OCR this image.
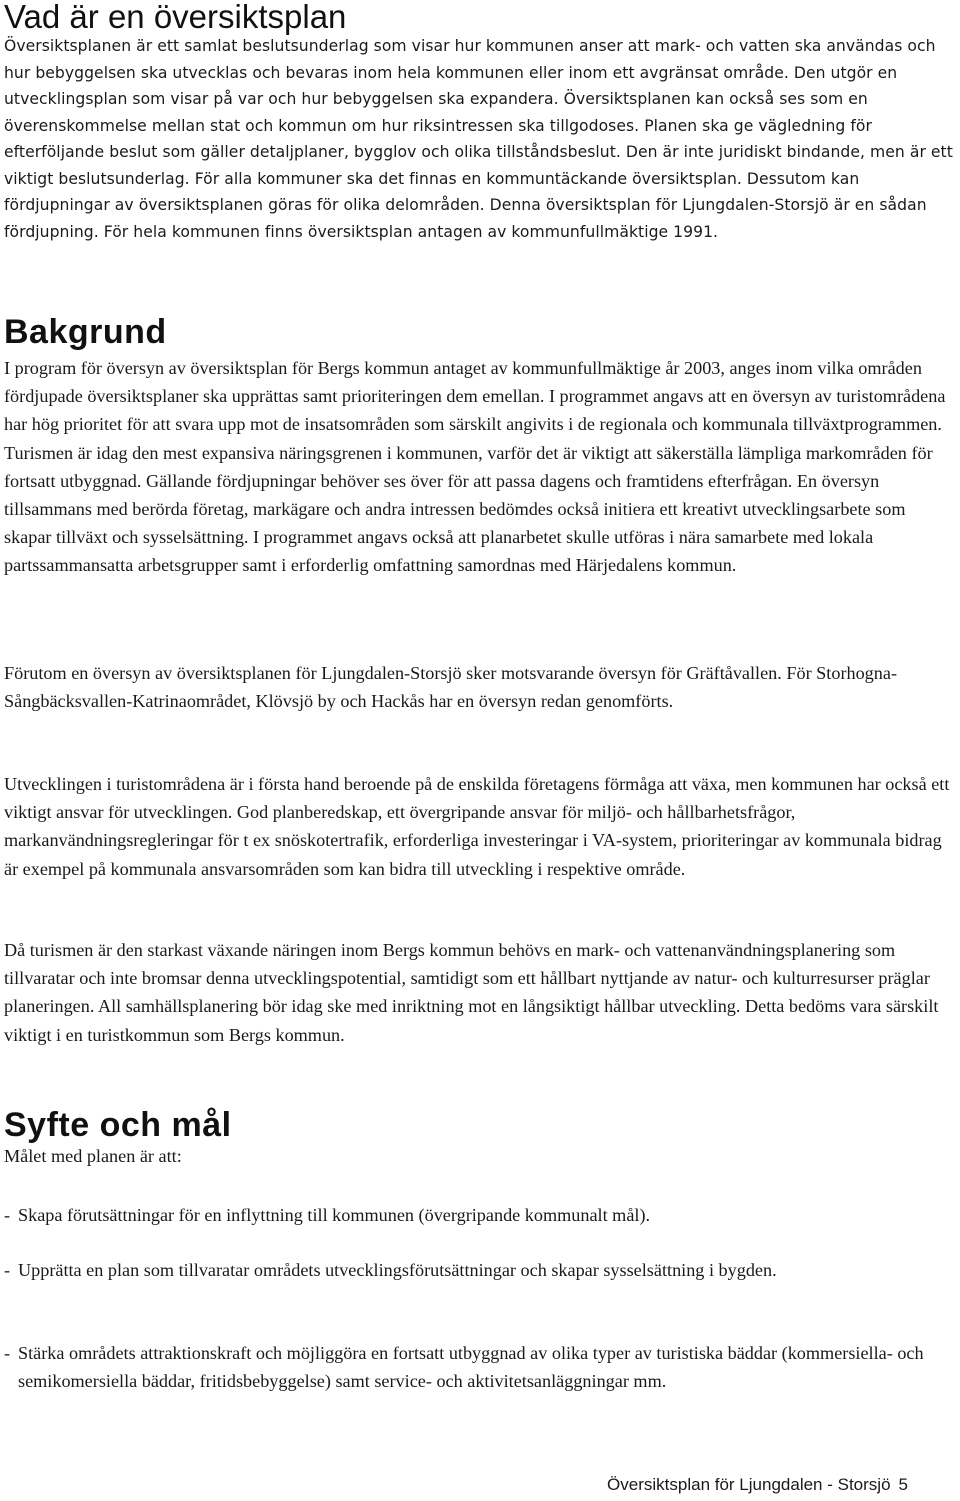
Vad är en översiktsplan

Översiktsplanen är ett samlat beslutsunderlag som visar hur kommunen anser att mark- och vatten ska användas och hur bebyggelsen ska utvecklas och bevaras inom hela kommunen eller inom ett avgränsat område. Den utgör en utvecklingsplan som visar på var och hur bebyggelsen ska expandera. Översiktsplanen kan också ses som en överenskommelse mellan stat och kommun om hur riksintressen ska tillgodoses. Planen ska ge vägledning för efterföljande beslut som gäller detaljplaner, bygglov och olika tillståndsbeslut. Den är inte juridiskt bindande, men är ett viktigt beslutsunderlag. För alla kommuner ska det finnas en kommuntäckande översiktsplan. Dessutom kan fördjupningar av översiktsplanen göras för olika delområden. Denna översiktsplan för Ljungdalen-Storsjö är en sådan fördjupning. För hela kommunen finns översiktsplan antagen av kommunfullmäktige 1991.

Bakgrund

I program för översyn av översiktsplan för Bergs kommun antaget av kommunfullmäktige år 2003, anges inom vilka områden fördjupade översiktsplaner ska upprättas samt prioriteringen dem emellan. I programmet angavs att en översyn av turistområdena har hög prioritet för att svara upp mot de insatsområden som särskilt angivits i de regionala och kommunala tillväxtprogrammen. Turismen är idag den mest expansiva näringsgrenen i kommunen, varför det är viktigt att säkerställa lämpliga markområden för fortsatt utbyggnad. Gällande fördjupningar behöver ses över för att passa dagens och framtidens efterfrågan. En översyn tillsammans med berörda företag, markägare och andra intressen bedömdes också initiera ett kreativt utvecklingsarbete som skapar tillväxt och sysselsättning. I programmet angavs också att planarbetet skulle utföras i nära samarbete med lokala partssammansatta arbetsgrupper samt i erforderlig omfattning samordnas med Härjedalens kommun.

Förutom en översyn av översiktsplanen för Ljungdalen-Storsjö sker motsvarande översyn för Gräftåvallen. För Storhogna-Sångbäcksvallen-Katrinaområdet, Klövsjö by och Hackås har en översyn redan genomförts.

Utvecklingen i turistområdena är i första hand beroende på de enskilda företagens förmåga att växa, men kommunen har också ett viktigt ansvar för utvecklingen. God planberedskap, ett övergripande ansvar för miljö- och hållbarhetsfrågor, markanvändningsregleringar för t ex snöskotertrafik, erforderliga investeringar i VA-system, prioriteringar av kommunala bidrag är exempel på kommunala ansvarsområden som kan bidra till utveckling i respektive område.

Då turismen är den starkast växande näringen inom Bergs kommun behövs en mark- och vattenanvändningsplanering som tillvaratar och inte bromsar denna utvecklingspotential, samtidigt som ett hållbart nyttjande av natur- och kulturresurser präglar planeringen. All samhällsplanering bör idag ske med inriktning mot en långsiktigt hållbar utveckling. Detta bedöms vara särskilt viktigt i en turistkommun som Bergs kommun.

Syfte och mål

Målet med planen är att:

- Skapa förutsättningar för en inflyttning till kommunen (övergripande kommunalt mål).
- Upprätta en plan som tillvaratar områdets utvecklingsförutsättningar och skapar sysselsättning i bygden.
- Stärka områdets attraktionskraft och möjliggöra en fortsatt utbyggnad av olika typer av turistiska bäddar (kommersiella- och semikomersiella bäddar, fritidsbebyggelse) samt service- och aktivitetsanläggningar mm.
Översiktsplan för Ljungdalen - Storsjö 5
